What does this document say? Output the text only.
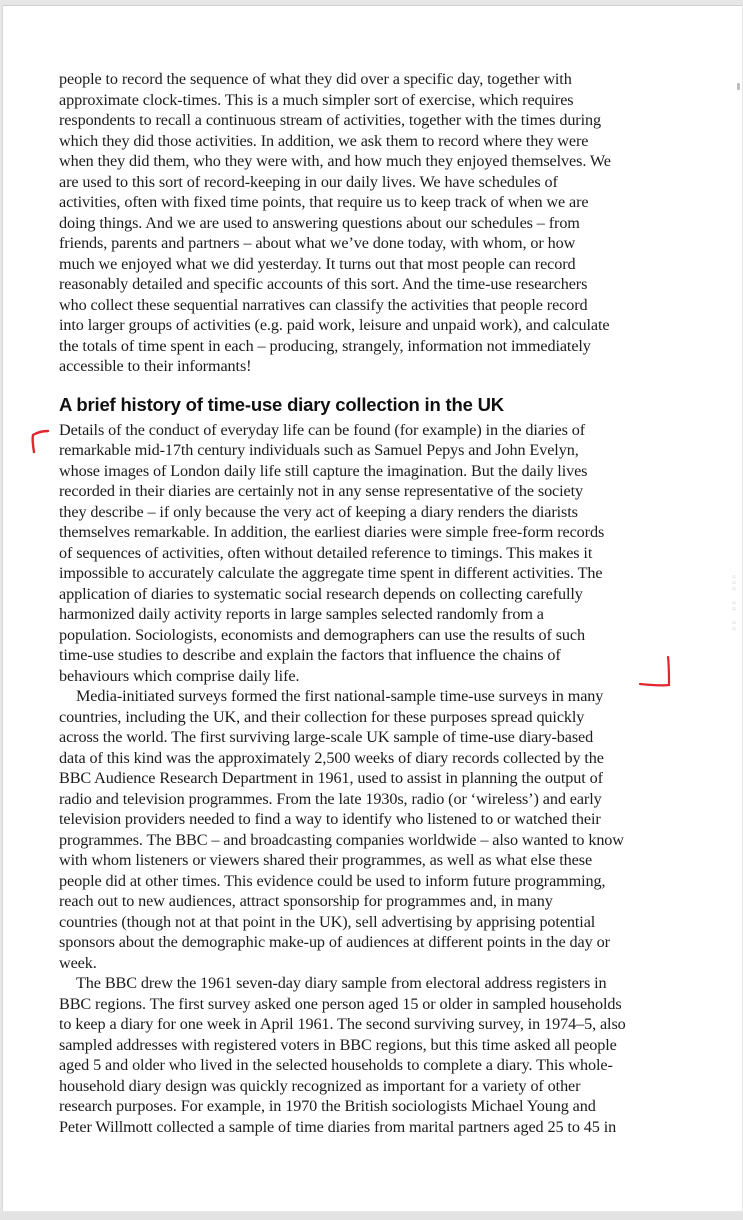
people to record the sequence of what they did over a specific day, together with
approximate clock-times. This is a much simpler sort of exercise, which requires
respondents to recall a continuous stream of activities, together with the times during
which they did those activities. In addition, we ask them to record where they were
when they did them, who they were with, and how much they enjoyed themselves. We
are used to this sort of record-keeping in our daily lives. We have schedules of
activities, often with fixed time points, that require us to keep track of when we are
doing things. And we are used to answering questions about our schedules – from
friends, parents and partners – about what we’ve done today, with whom, or how
much we enjoyed what we did yesterday. It turns out that most people can record
reasonably detailed and specific accounts of this sort. And the time-use researchers
who collect these sequential narratives can classify the activities that people record
into larger groups of activities (e.g. paid work, leisure and unpaid work), and calculate
the totals of time spent in each – producing, strangely, information not immediately
accessible to their informants!
A brief history of time-use diary collection in the UK
Details of the conduct of everyday life can be found (for example) in the diaries of
remarkable mid-17th century individuals such as Samuel Pepys and John Evelyn,
whose images of London daily life still capture the imagination. But the daily lives
recorded in their diaries are certainly not in any sense representative of the society
they describe – if only because the very act of keeping a diary renders the diarists
themselves remarkable. In addition, the earliest diaries were simple free-form records
of sequences of activities, often without detailed reference to timings. This makes it
impossible to accurately calculate the aggregate time spent in different activities. The
application of diaries to systematic social research depends on collecting carefully
harmonized daily activity reports in large samples selected randomly from a
population. Sociologists, economists and demographers can use the results of such
time-use studies to describe and explain the factors that influence the chains of
behaviours which comprise daily life.
Media-initiated surveys formed the first national-sample time-use surveys in many
countries, including the UK, and their collection for these purposes spread quickly
across the world. The first surviving large-scale UK sample of time-use diary-based
data of this kind was the approximately 2,500 weeks of diary records collected by the
BBC Audience Research Department in 1961, used to assist in planning the output of
radio and television programmes. From the late 1930s, radio (or ‘wireless’) and early
television providers needed to find a way to identify who listened to or watched their
programmes. The BBC – and broadcasting companies worldwide – also wanted to know
with whom listeners or viewers shared their programmes, as well as what else these
people did at other times. This evidence could be used to inform future programming,
reach out to new audiences, attract sponsorship for programmes and, in many
countries (though not at that point in the UK), sell advertising by apprising potential
sponsors about the demographic make-up of audiences at different points in the day or
week.
The BBC drew the 1961 seven-day diary sample from electoral address registers in
BBC regions. The first survey asked one person aged 15 or older in sampled households
to keep a diary for one week in April 1961. The second surviving survey, in 1974–5, also
sampled addresses with registered voters in BBC regions, but this time asked all people
aged 5 and older who lived in the selected households to complete a diary. This whole-
household diary design was quickly recognized as important for a variety of other
research purposes. For example, in 1970 the British sociologists Michael Young and
Peter Willmott collected a sample of time diaries from marital partners aged 25 to 45 in
▫
▫
▫
▫
▫
▫
▫
